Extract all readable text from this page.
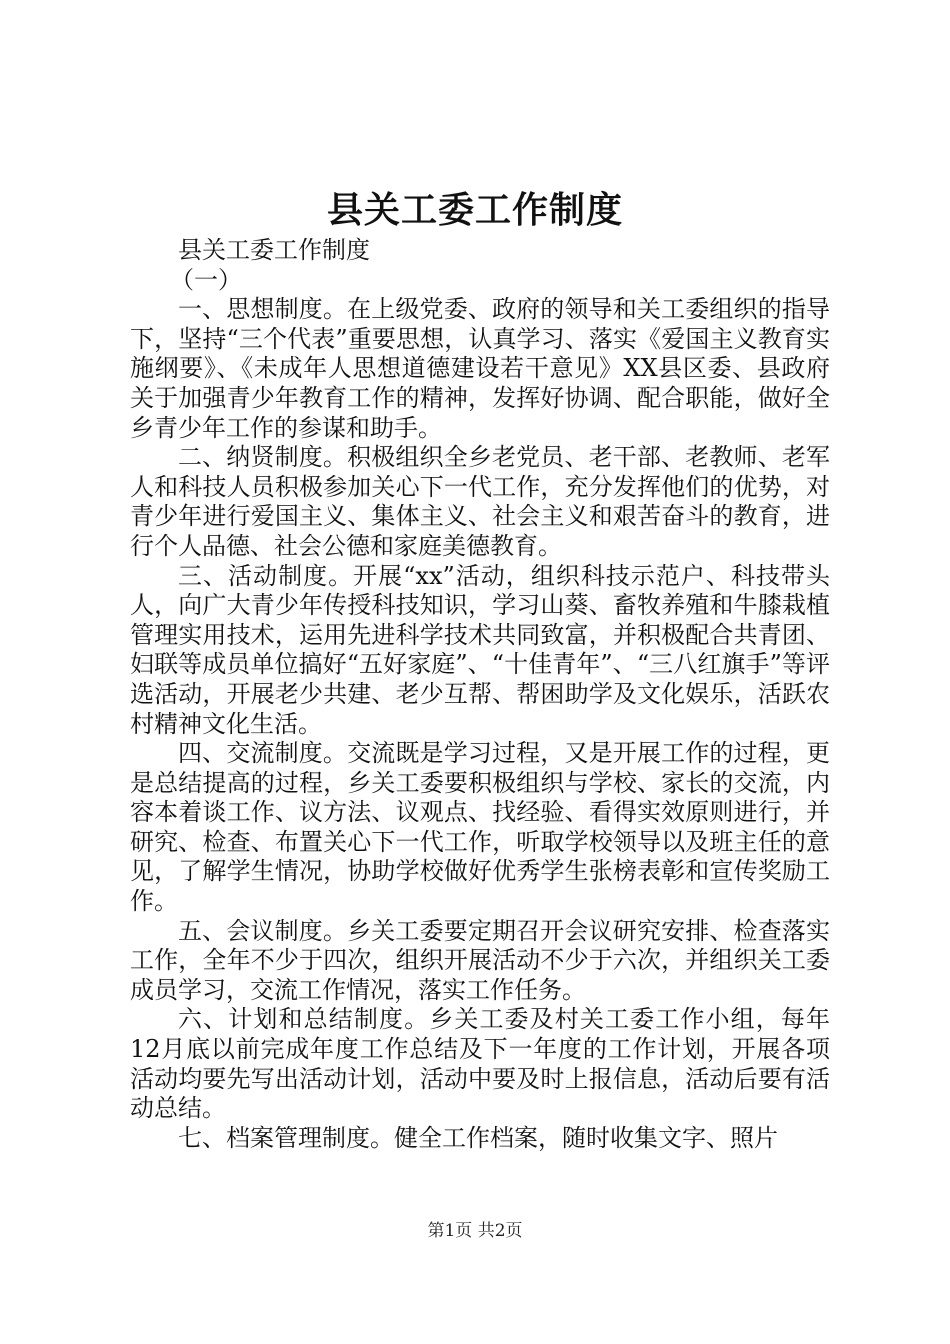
县关工委工作制度

县关工委工作制度

（一）

一、思想制度。在上级党委、政府的领导和关工委组织的指导下，坚持“三个代表”重要思想，认真学习、落实《爱国主义教育实施纲要》、《未成年人思想道德建设若干意见》XX县区委、县政府关于加强青少年教育工作的精神，发挥好协调、配合职能，做好全乡青少年工作的参谋和助手。

二、纳贤制度。积极组织全乡老党员、老干部、老教师、老军人和科技人员积极参加关心下一代工作，充分发挥他们的优势，对青少年进行爱国主义、集体主义、社会主义和艰苦奋斗的教育，进行个人品德、社会公德和家庭美德教育。

三、活动制度。开展“xx”活动，组织科技示范户、科技带头人，向广大青少年传授科技知识，学习山葵、畜牧养殖和牛膝栽植管理实用技术，运用先进科学技术共同致富，并积极配合共青团、妇联等成员单位搞好“五好家庭”、“十佳青年”、“三八红旗手”等评选活动，开展老少共建、老少互帮、帮困助学及文化娱乐，活跃农村精神文化生活。

四、交流制度。交流既是学习过程，又是开展工作的过程，更是总结提高的过程，乡关工委要积极组织与学校、家长的交流，内容本着谈工作、议方法、议观点、找经验、看得实效原则进行，并研究、检查、布置关心下一代工作，听取学校领导以及班主任的意见，了解学生情况，协助学校做好优秀学生张榜表彰和宣传奖励工作。

五、会议制度。乡关工委要定期召开会议研究安排、检查落实工作，全年不少于四次，组织开展活动不少于六次，并组织关工委成员学习，交流工作情况，落实工作任务。

六、计划和总结制度。乡关工委及村关工委工作小组，每年12月底以前完成年度工作总结及下一年度的工作计划，开展各项活动均要先写出活动计划，活动中要及时上报信息，活动后要有活动总结。

七、档案管理制度。健全工作档案，随时收集文字、照片

第1页 共2页
